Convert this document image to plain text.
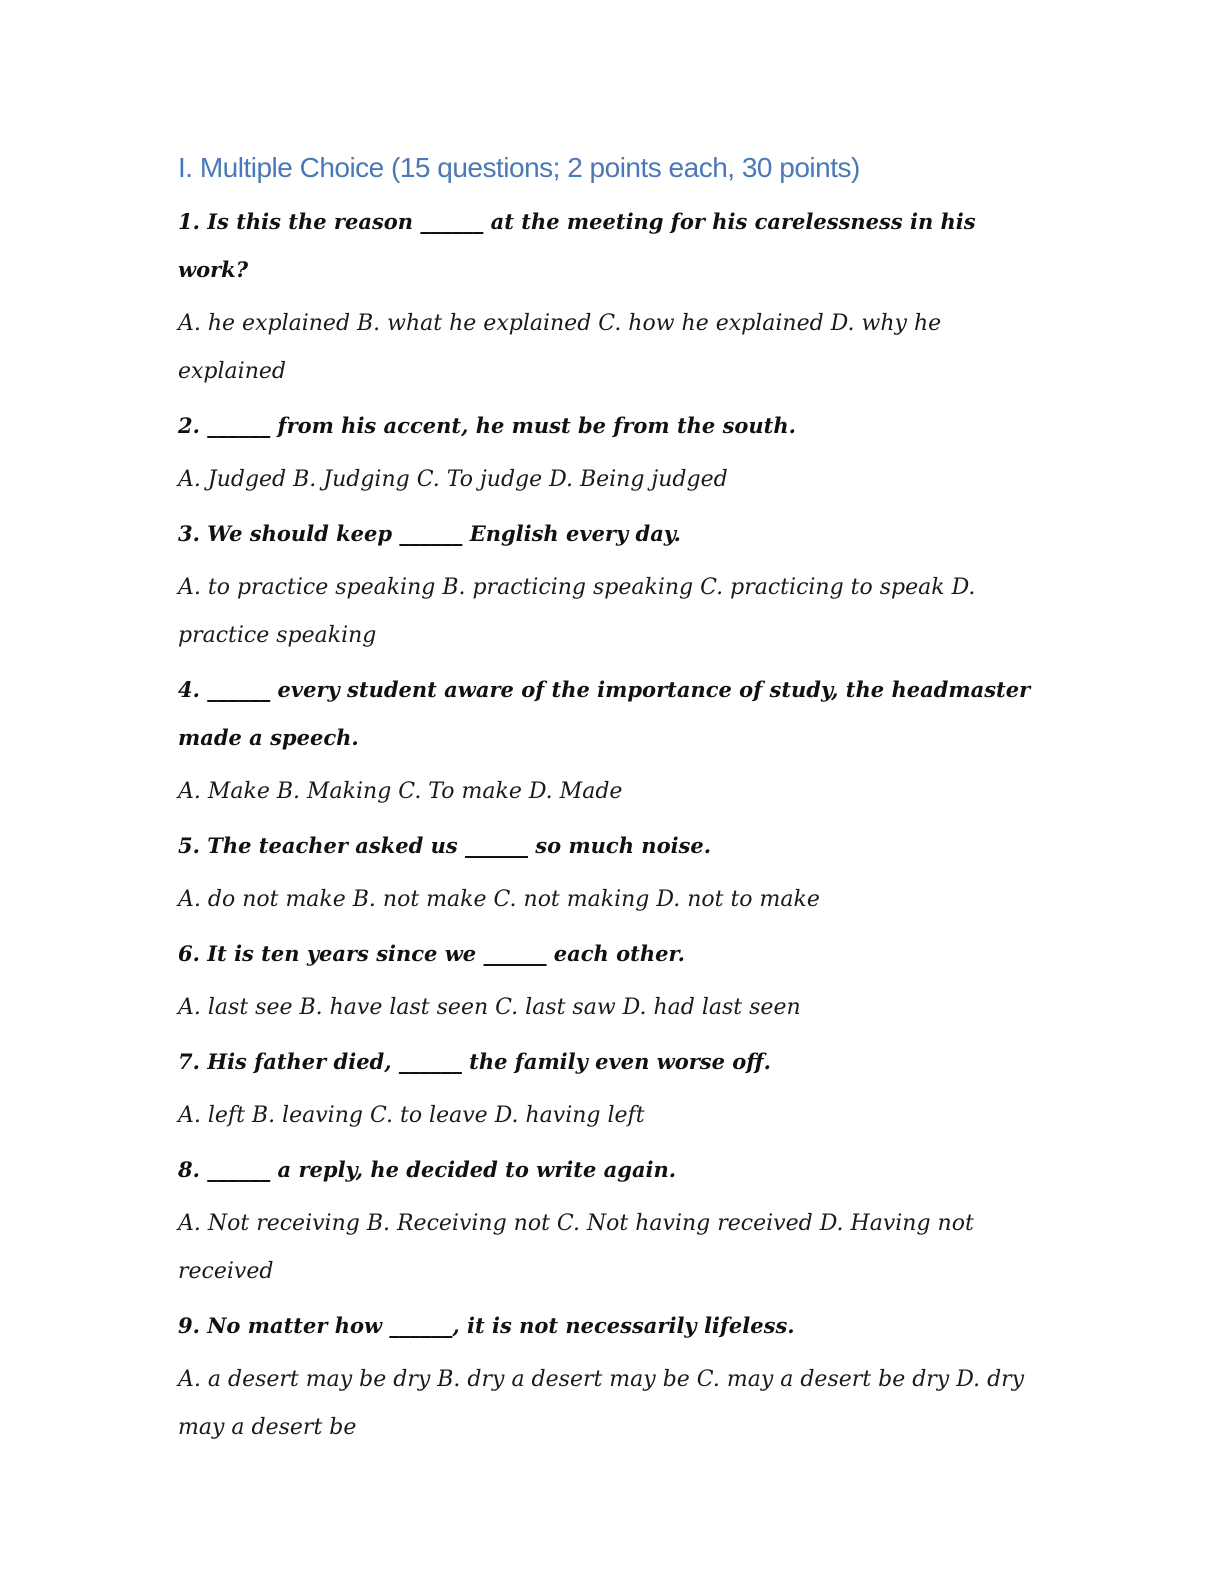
I. Multiple Choice (15 questions; 2 points each, 30 points)

1. Is this the reason ______ at the meeting for his carelessness in his work?

A. he explained B. what he explained C. how he explained D. why he explained

2. ______ from his accent, he must be from the south.

A. Judged B. Judging C. To judge D. Being judged

3. We should keep ______ English every day.

A. to practice speaking B. practicing speaking C. practicing to speak D. practice speaking

4. ______ every student aware of the importance of study, the headmaster made a speech.

A. Make B. Making C. To make D. Made

5. The teacher asked us ______ so much noise.

A. do not make B. not make C. not making D. not to make

6. It is ten years since we ______ each other.

A. last see B. have last seen C. last saw D. had last seen

7. His father died, ______ the family even worse off.

A. left B. leaving C. to leave D. having left

8. ______ a reply, he decided to write again.

A. Not receiving B. Receiving not C. Not having received D. Having not received

9. No matter how ______, it is not necessarily lifeless.

A. a desert may be dry B. dry a desert may be C. may a desert be dry D. dry may a desert be
